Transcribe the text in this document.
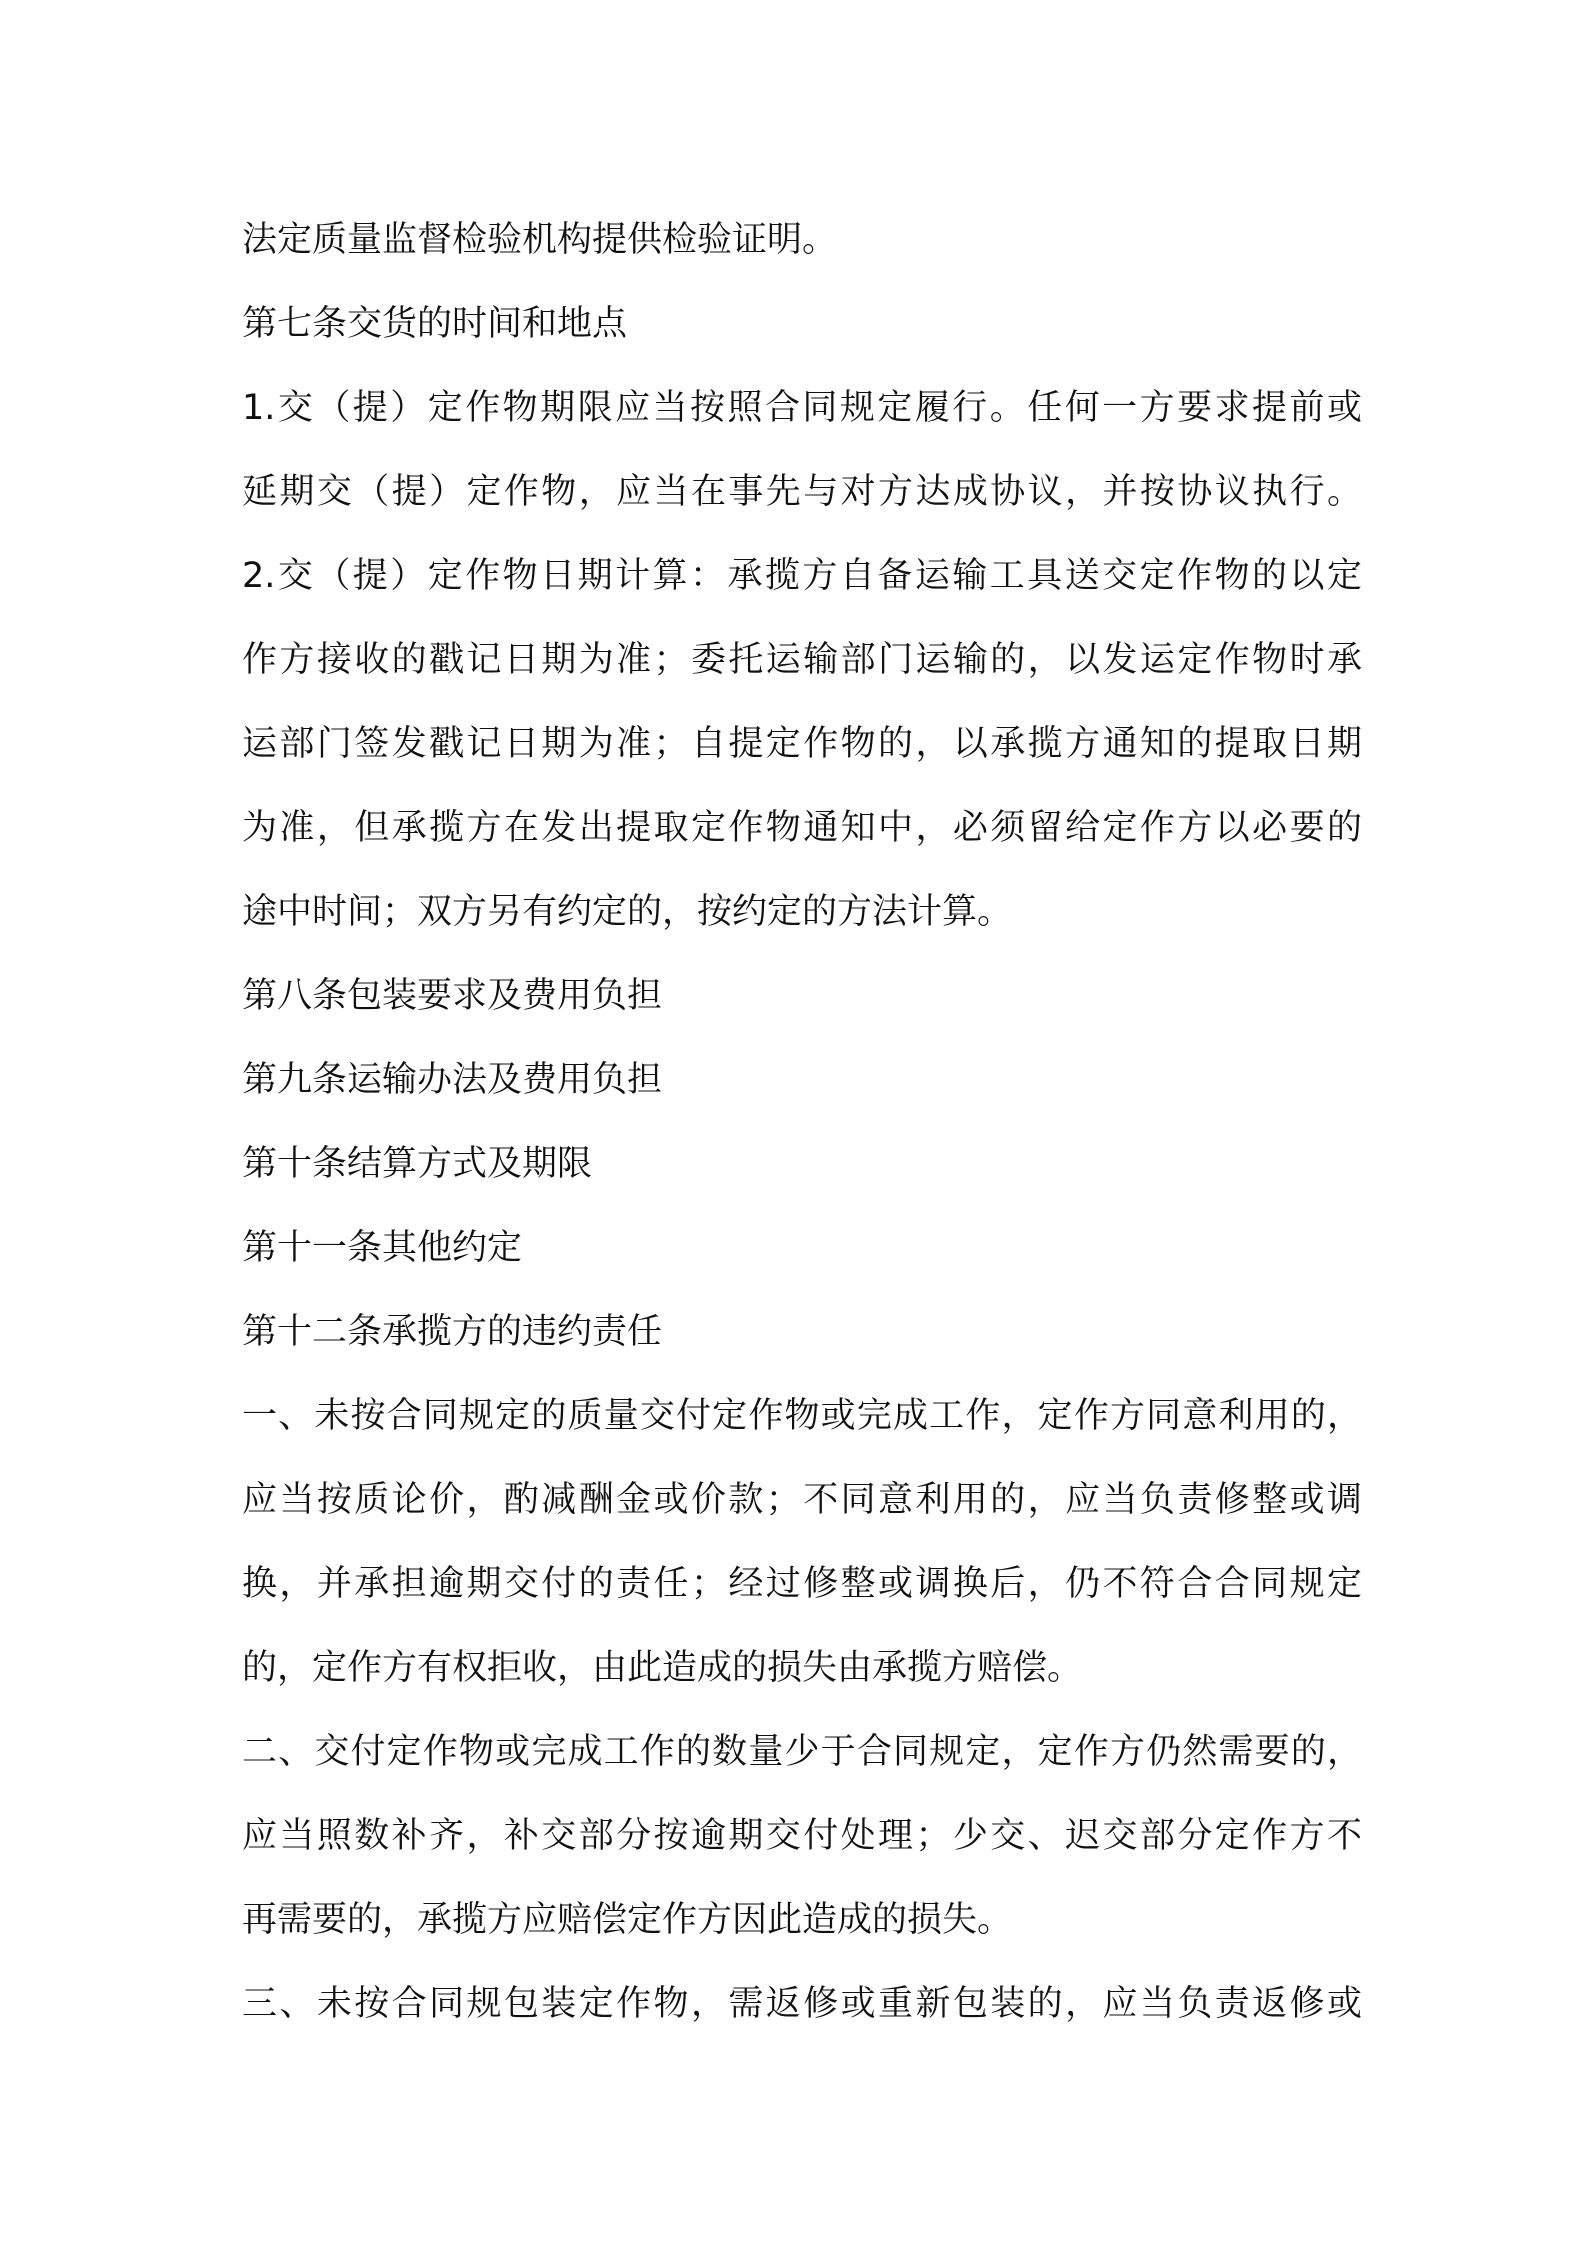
法定质量监督检验机构提供检验证明。
第七条交货的时间和地点
1.交（提）定作物期限应当按照合同规定履行。任何一方要求提前或
延期交（提）定作物，应当在事先与对方达成协议，并按协议执行。
2.交（提）定作物日期计算：承揽方自备运输工具送交定作物的以定
作方接收的戳记日期为准；委托运输部门运输的，以发运定作物时承
运部门签发戳记日期为准；自提定作物的，以承揽方通知的提取日期
为准，但承揽方在发出提取定作物通知中，必须留给定作方以必要的
途中时间；双方另有约定的，按约定的方法计算。
第八条包装要求及费用负担
第九条运输办法及费用负担
第十条结算方式及期限
第十一条其他约定
第十二条承揽方的违约责任
一、未按合同规定的质量交付定作物或完成工作，定作方同意利用的，
应当按质论价，酌减酬金或价款；不同意利用的，应当负责修整或调
换，并承担逾期交付的责任；经过修整或调换后，仍不符合合同规定
的，定作方有权拒收，由此造成的损失由承揽方赔偿。
二、交付定作物或完成工作的数量少于合同规定，定作方仍然需要的，
应当照数补齐，补交部分按逾期交付处理；少交、迟交部分定作方不
再需要的，承揽方应赔偿定作方因此造成的损失。
三、未按合同规包装定作物，需返修或重新包装的，应当负责返修或
